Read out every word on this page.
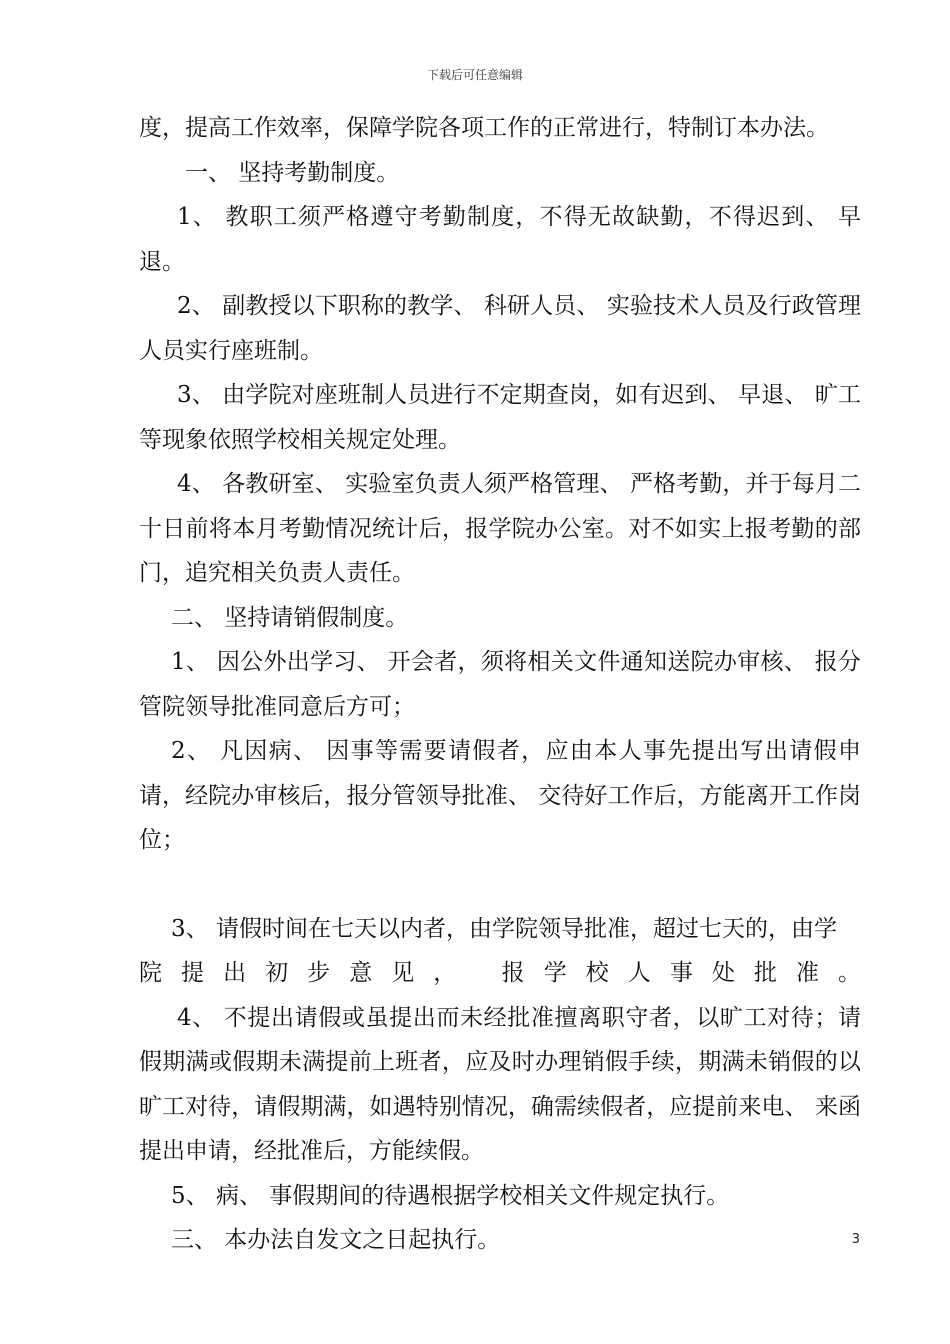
下载后可任意编辑

度，提高工作效率，保障学院各项工作的正常进行，特制订本办法。

一、 坚持考勤制度。

1、 教职工须严格遵守考勤制度，不得无故缺勤，不得迟到、 早退。

2、 副教授以下职称的教学、 科研人员、 实验技术人员及行政管理人员实行座班制。

3、 由学院对座班制人员进行不定期查岗，如有迟到、 早退、 旷工等现象依照学校相关规定处理。

4、 各教研室、 实验室负责人须严格管理、 严格考勤，并于每月二十日前将本月考勤情况统计后，报学院办公室。对不如实上报考勤的部门，追究相关负责人责任。

二、 坚持请销假制度。

1、 因公外出学习、 开会者，须将相关文件通知送院办审核、 报分管院领导批准同意后方可；

2、 凡因病、 因事等需要请假者，应由本人事先提出写出请假申请，经院办审核后，报分管领导批准、 交待好工作后，方能离开工作岗位；

3、 请假时间在七天以内者，由学院领导批准，超过七天的，由学

院提出初步意见， 报学校人事处批准。

4、 不提出请假或虽提出而未经批准擅离职守者，以旷工对待；请假期满或假期未满提前上班者，应及时办理销假手续，期满未销假的以旷工对待，请假期满，如遇特别情况，确需续假者，应提前来电、 来函提出申请，经批准后，方能续假。

5、 病、 事假期间的待遇根据学校相关文件规定执行。

三、 本办法自发文之日起执行。	3
